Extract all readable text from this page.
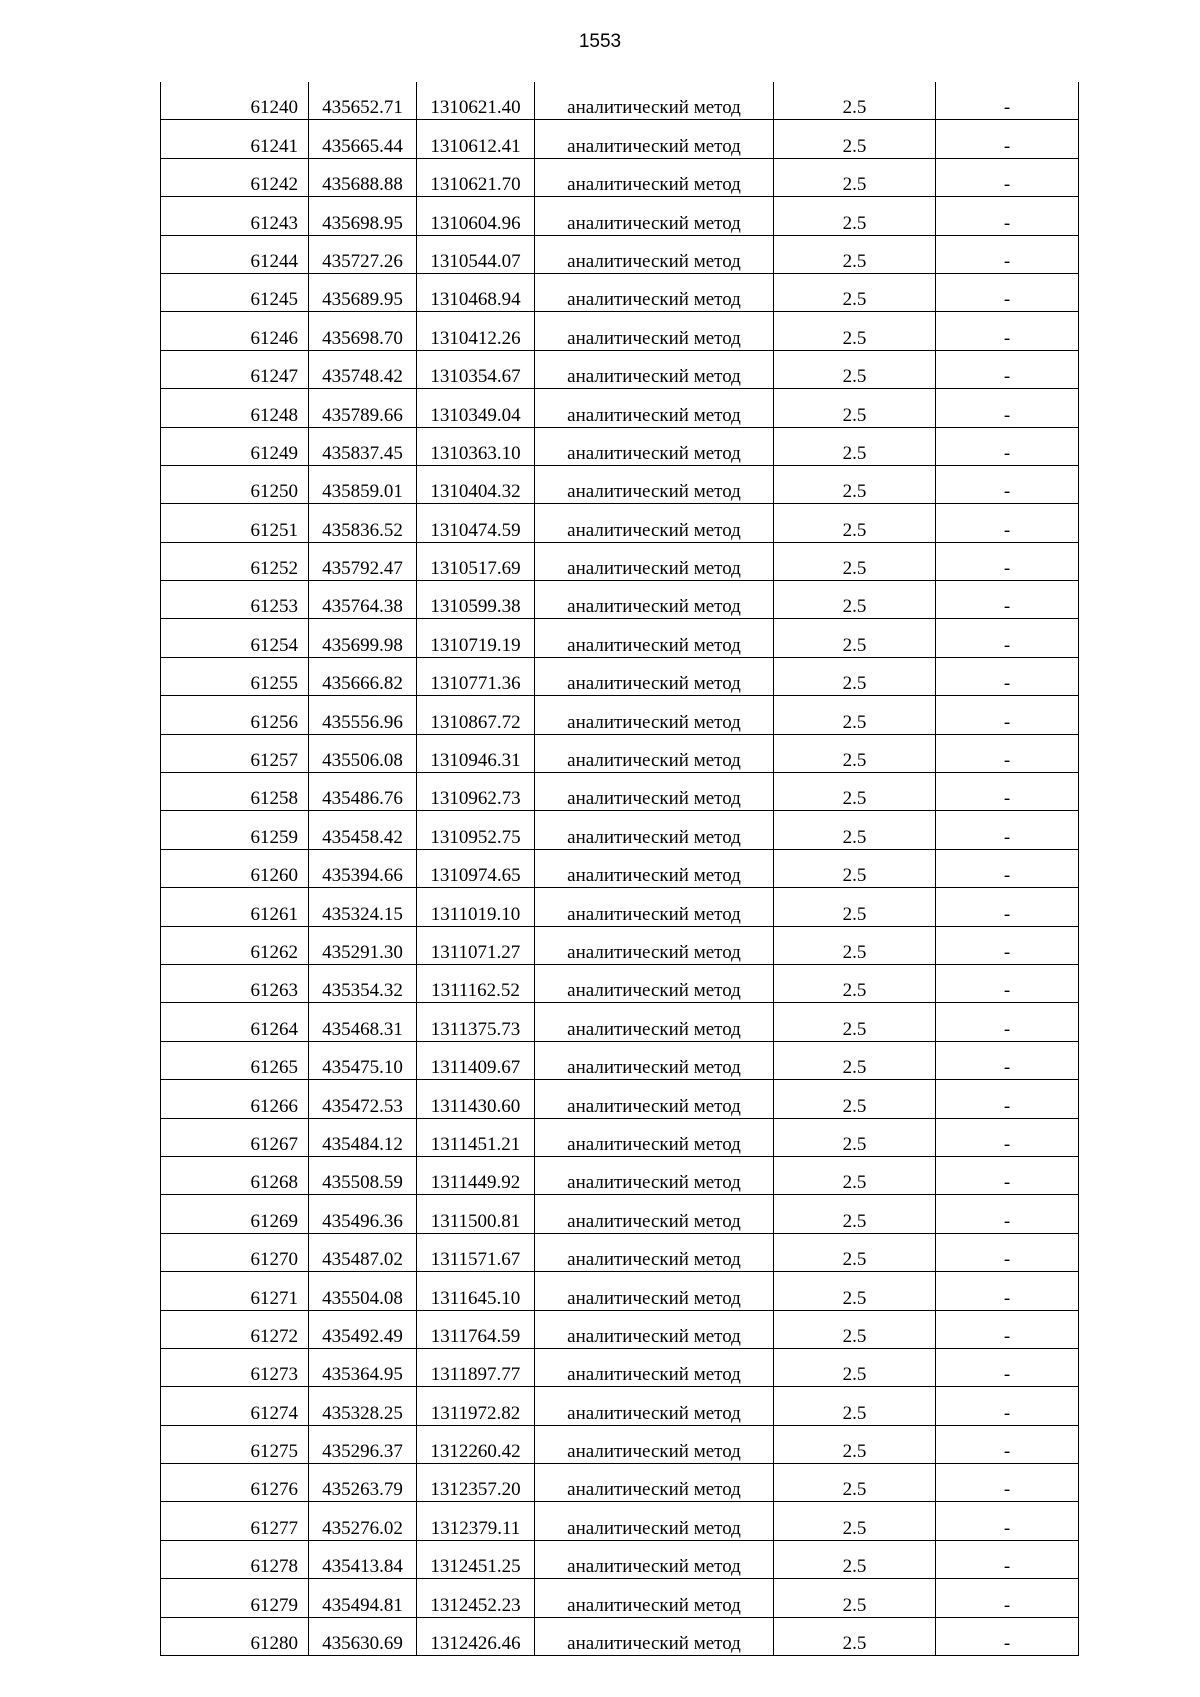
1553
61240	435652.71	1310621.40	аналитический метод	2.5	-
61241	435665.44	1310612.41	аналитический метод	2.5	-
61242	435688.88	1310621.70	аналитический метод	2.5	-
61243	435698.95	1310604.96	аналитический метод	2.5	-
61244	435727.26	1310544.07	аналитический метод	2.5	-
61245	435689.95	1310468.94	аналитический метод	2.5	-
61246	435698.70	1310412.26	аналитический метод	2.5	-
61247	435748.42	1310354.67	аналитический метод	2.5	-
61248	435789.66	1310349.04	аналитический метод	2.5	-
61249	435837.45	1310363.10	аналитический метод	2.5	-
61250	435859.01	1310404.32	аналитический метод	2.5	-
61251	435836.52	1310474.59	аналитический метод	2.5	-
61252	435792.47	1310517.69	аналитический метод	2.5	-
61253	435764.38	1310599.38	аналитический метод	2.5	-
61254	435699.98	1310719.19	аналитический метод	2.5	-
61255	435666.82	1310771.36	аналитический метод	2.5	-
61256	435556.96	1310867.72	аналитический метод	2.5	-
61257	435506.08	1310946.31	аналитический метод	2.5	-
61258	435486.76	1310962.73	аналитический метод	2.5	-
61259	435458.42	1310952.75	аналитический метод	2.5	-
61260	435394.66	1310974.65	аналитический метод	2.5	-
61261	435324.15	1311019.10	аналитический метод	2.5	-
61262	435291.30	1311071.27	аналитический метод	2.5	-
61263	435354.32	1311162.52	аналитический метод	2.5	-
61264	435468.31	1311375.73	аналитический метод	2.5	-
61265	435475.10	1311409.67	аналитический метод	2.5	-
61266	435472.53	1311430.60	аналитический метод	2.5	-
61267	435484.12	1311451.21	аналитический метод	2.5	-
61268	435508.59	1311449.92	аналитический метод	2.5	-
61269	435496.36	1311500.81	аналитический метод	2.5	-
61270	435487.02	1311571.67	аналитический метод	2.5	-
61271	435504.08	1311645.10	аналитический метод	2.5	-
61272	435492.49	1311764.59	аналитический метод	2.5	-
61273	435364.95	1311897.77	аналитический метод	2.5	-
61274	435328.25	1311972.82	аналитический метод	2.5	-
61275	435296.37	1312260.42	аналитический метод	2.5	-
61276	435263.79	1312357.20	аналитический метод	2.5	-
61277	435276.02	1312379.11	аналитический метод	2.5	-
61278	435413.84	1312451.25	аналитический метод	2.5	-
61279	435494.81	1312452.23	аналитический метод	2.5	-
61280	435630.69	1312426.46	аналитический метод	2.5	-
